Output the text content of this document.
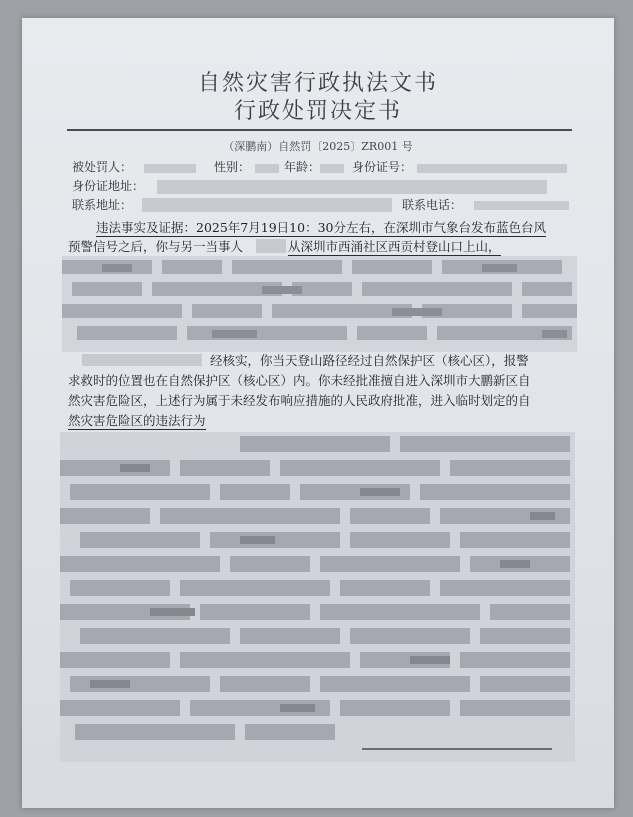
自然灾害行政执法文书
行政处罚决定书
（深鹏南）自然罚〔2025〕ZR001 号
被处罚人：	性别：	年龄：	身份证号：
身份证地址：
联系地址：	联系电话：
违法事实及证据：2025年7月19日10：30分左右，在深圳市气象台发布蓝色台风
预警信号之后，你与另一当事人	从深圳市西涌社区西贡村登山口上山，
经核实，你当天登山路径经过自然保护区（核心区），报警
求救时的位置也在自然保护区（核心区）内。你未经批准擅自进入深圳市大鹏新区自
然灾害危险区，上述行为属于未经发布响应措施的人民政府批准，进入临时划定的自
然灾害危险区的违法行为
